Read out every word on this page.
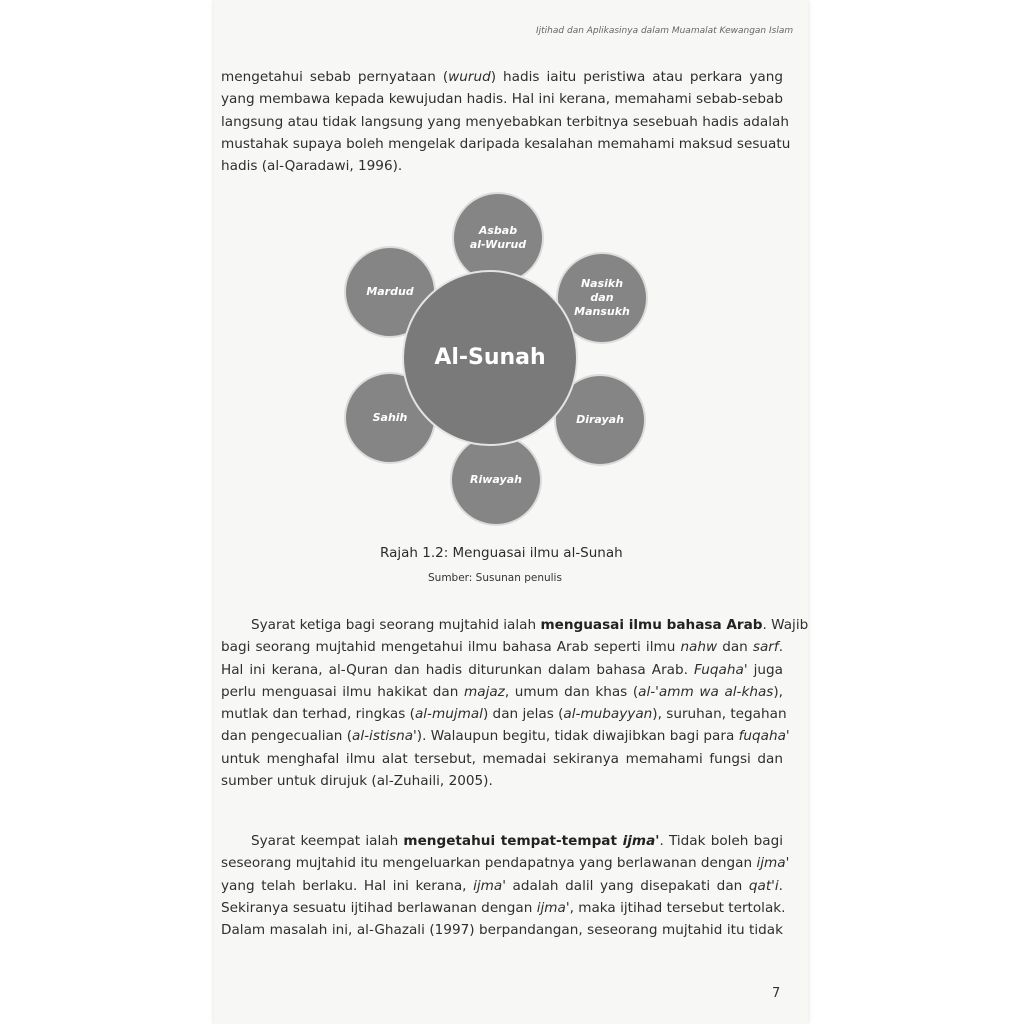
Ijtihad dan Aplikasinya dalam Muamalat Kewangan Islam
mengetahui sebab pernyataan (wurud) hadis iaitu peristiwa atau perkara yang
yang membawa kepada kewujudan hadis. Hal ini kerana, memahami sebab-sebab
langsung atau tidak langsung yang menyebabkan terbitnya sesebuah hadis adalah
mustahak supaya boleh mengelak daripada kesalahan memahami maksud sesuatu
hadis (al-Qaradawi, 1996).
Asbab
al-Wurud
Nasikh
dan
Mansukh
Dirayah
Riwayah
Sahih
Mardud
Al-Sunah
Rajah 1.2: Menguasai ilmu al-Sunah
Sumber: Susunan penulis
Syarat ketiga bagi seorang mujtahid ialah menguasai ilmu bahasa Arab. Wajib
bagi seorang mujtahid mengetahui ilmu bahasa Arab seperti ilmu nahw dan sarf.
Hal ini kerana, al-Quran dan hadis diturunkan dalam bahasa Arab. Fuqaha' juga
perlu menguasai ilmu hakikat dan majaz, umum dan khas (al-'amm wa al-khas),
mutlak dan terhad, ringkas (al-mujmal) dan jelas (al-mubayyan), suruhan, tegahan
dan pengecualian (al-istisna'). Walaupun begitu, tidak diwajibkan bagi para fuqaha'
untuk menghafal ilmu alat tersebut, memadai sekiranya memahami fungsi dan
sumber untuk dirujuk (al-Zuhaili, 2005).
Syarat keempat ialah mengetahui tempat-tempat ijma'. Tidak boleh bagi
seseorang mujtahid itu mengeluarkan pendapatnya yang berlawanan dengan ijma'
yang telah berlaku. Hal ini kerana, ijma' adalah dalil yang disepakati dan qat'i.
Sekiranya sesuatu ijtihad berlawanan dengan ijma', maka ijtihad tersebut tertolak.
Dalam masalah ini, al-Ghazali (1997) berpandangan, seseorang mujtahid itu tidak
7
